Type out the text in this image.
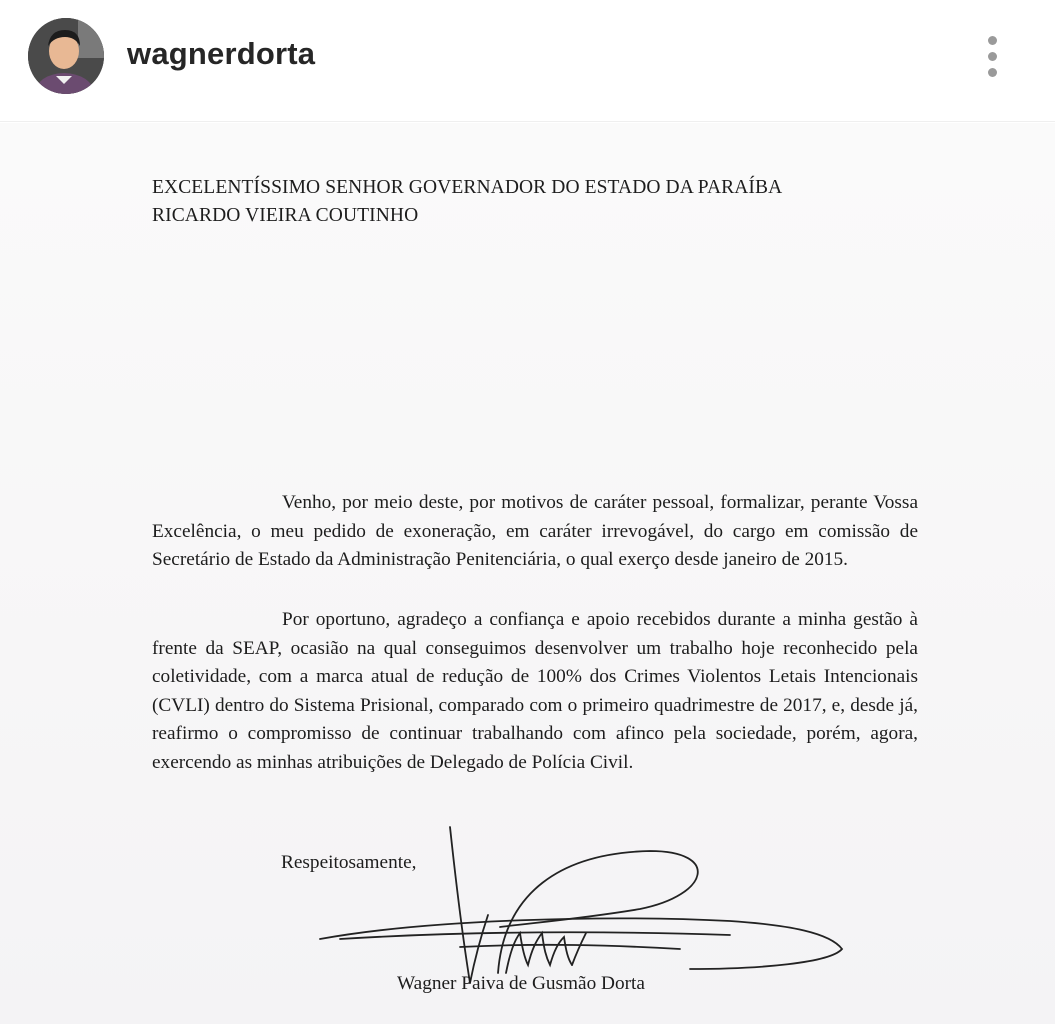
wagnerdorta
EXCELENTÍSSIMO SENHOR GOVERNADOR DO ESTADO DA PARAÍBA
RICARDO VIEIRA COUTINHO
Venho, por meio deste, por motivos de caráter pessoal, formalizar, perante Vossa Excelência, o meu pedido de exoneração, em caráter irrevogável, do cargo em comissão de Secretário de Estado da Administração Penitenciária, o qual exerço desde janeiro de 2015.
Por oportuno, agradeço a confiança e apoio recebidos durante a minha gestão à frente da SEAP, ocasião na qual conseguimos desenvolver um trabalho hoje reconhecido pela coletividade, com a marca atual de redução de 100% dos Crimes Violentos Letais Intencionais (CVLI) dentro do Sistema Prisional, comparado com o primeiro quadrimestre de 2017, e, desde já, reafirmo o compromisso de continuar trabalhando com afinco pela sociedade, porém, agora, exercendo as minhas atribuições de Delegado de Polícia Civil.
Respeitosamente,
Wagner Paiva de Gusmão Dorta
